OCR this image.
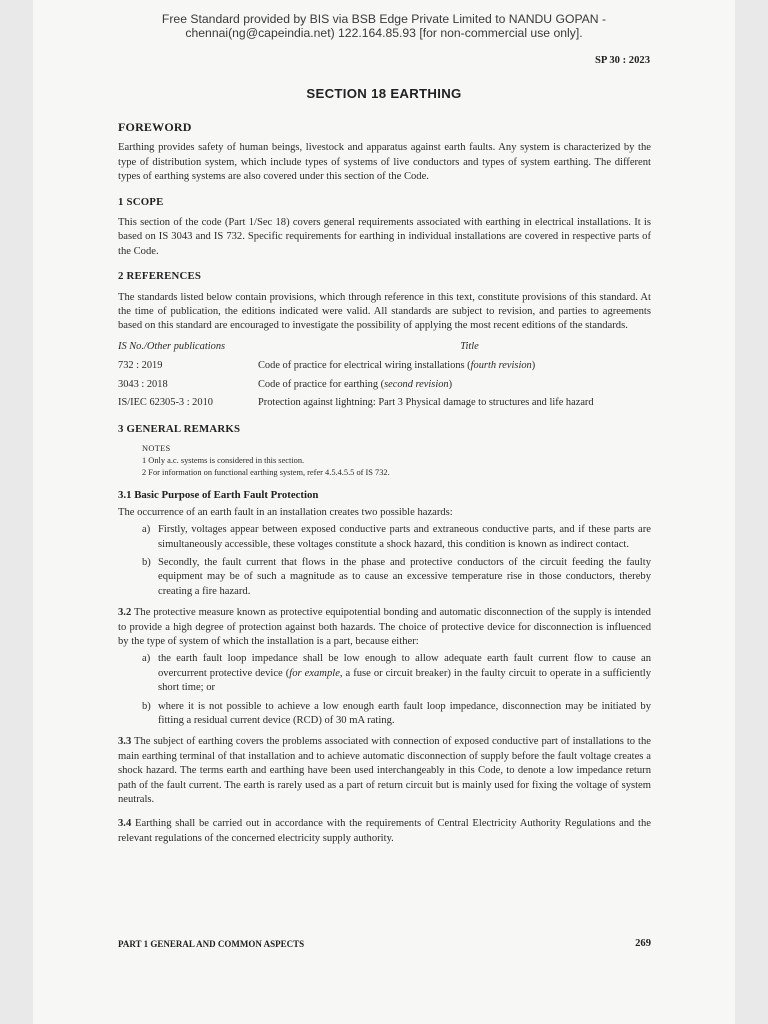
Free Standard provided by BIS via BSB Edge Private Limited to NANDU GOPAN -
chennai(ng@capeindia.net) 122.164.85.93 [for non-commercial use only].
SP 30 : 2023
SECTION 18 EARTHING
FOREWORD

Earthing provides safety of human beings, livestock and apparatus against earth faults. Any system is characterized by the type of distribution system, which include types of systems of live conductors and types of system earthing. The different types of earthing systems are also covered under this section of the Code.

1 SCOPE

This section of the code (Part 1/Sec 18) covers general requirements associated with earthing in electrical installations. It is based on IS 3043 and IS 732. Specific requirements for earthing in individual installations are covered in respective parts of the Code.

2 REFERENCES

The standards listed below contain provisions, which through reference in this text, constitute provisions of this standard. At the time of publication, the editions indicated were valid. All standards are subject to revision, and parties to agreements based on this standard are encouraged to investigate the possibility of applying the most recent editions of the standards.

IS No./Other publications	Title
732 : 2019	Code of practice for electrical wiring installations (fourth revision)
3043 : 2018	Code of practice for earthing (second revision)
IS/IEC 62305-3 : 2010	Protection against lightning: Part 3 Physical damage to structures and life hazard
3 GENERAL REMARKS
NOTES
1 Only a.c. systems is considered in this section.
2 For information on functional earthing system, refer 4.5.4.5.5 of IS 732.
3.1 Basic Purpose of Earth Fault Protection

The occurrence of an earth fault in an installation creates two possible hazards:

a) Firstly, voltages appear between exposed conductive parts and extraneous conductive parts, and if these parts are simultaneously accessible, these voltages constitute a shock hazard, this condition is known as indirect contact.
b) Secondly, the fault current that flows in the phase and protective conductors of the circuit feeding the faulty equipment may be of such a magnitude as to cause an excessive temperature rise in those conductors, thereby creating a fire hazard.

3.2 The protective measure known as protective equipotential bonding and automatic disconnection of the supply is intended to provide a high degree of protection against both hazards. The choice of protective device for disconnection is influenced by the type of system of which the installation is a part, because either:

a) the earth fault loop impedance shall be low enough to allow adequate earth fault current flow to cause an overcurrent protective device (for example, a fuse or circuit breaker) in the faulty circuit to operate in a sufficiently short time; or
b) where it is not possible to achieve a low enough earth fault loop impedance, disconnection may be initiated by fitting a residual current device (RCD) of 30 mA rating.

3.3 The subject of earthing covers the problems associated with connection of exposed conductive part of installations to the main earthing terminal of that installation and to achieve automatic disconnection of supply before the fault voltage creates a shock hazard. The terms earth and earthing have been used interchangeably in this Code, to denote a low impedance return path of the fault current. The earth is rarely used as a part of return circuit but is mainly used for fixing the voltage of system neutrals.

3.4 Earthing shall be carried out in accordance with the requirements of Central Electricity Authority Regulations and the relevant regulations of the concerned electricity supply authority.

PART 1 GENERAL AND COMMON ASPECTS	269
